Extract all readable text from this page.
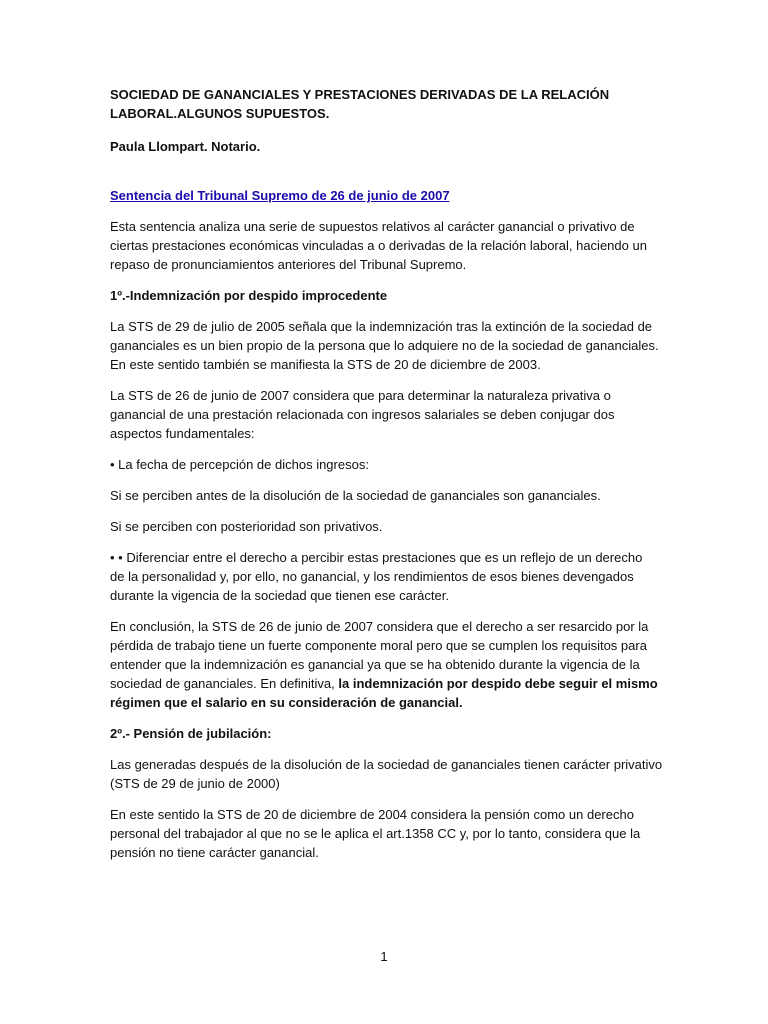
SOCIEDAD DE GANANCIALES Y PRESTACIONES DERIVADAS DE LA RELACIÓN

LABORAL.ALGUNOS SUPUESTOS.

Paula Llompart. Notario.

Sentencia del Tribunal Supremo de 26 de junio de 2007

Esta sentencia analiza una serie de supuestos relativos al carácter ganancial o privativo de

ciertas prestaciones económicas vinculadas a o derivadas de la relación laboral, haciendo un

repaso de pronunciamientos anteriores del Tribunal Supremo.

1º.-Indemnización por despido improcedente

La STS de 29 de julio de 2005 señala que la indemnización tras la extinción de la sociedad de

gananciales es un bien propio de la persona que lo adquiere no de la sociedad de gananciales.

En este sentido también se manifiesta la STS de 20 de diciembre de 2003.

La STS de 26 de junio de 2007 considera que para determinar la naturaleza privativa o

ganancial de una prestación relacionada con ingresos salariales se deben conjugar dos

aspectos fundamentales:

• La fecha de percepción de dichos ingresos:

Si se perciben antes de la disolución de la sociedad de gananciales son gananciales.

Si se perciben con posterioridad son privativos.

• • Diferenciar entre el derecho a percibir estas prestaciones que es un reflejo de un derecho

de la personalidad y, por ello, no ganancial, y los rendimientos de esos bienes devengados

durante la vigencia de la sociedad que tienen ese carácter.

En conclusión, la STS de 26 de junio de 2007 considera que el derecho a ser resarcido por la

pérdida de trabajo tiene un fuerte componente moral pero que se cumplen los requisitos para

entender que la indemnización es ganancial ya que se ha obtenido durante la vigencia de la

sociedad de gananciales. En definitiva, la indemnización por despido debe seguir el mismo

régimen que el salario en su consideración de ganancial.

2º.- Pensión de jubilación:

Las generadas después de la disolución de la sociedad de gananciales tienen carácter privativo

(STS de 29 de junio de 2000)

En este sentido la STS de 20 de diciembre de 2004 considera la pensión como un derecho

personal del trabajador al que no se le aplica el art.1358 CC y, por lo tanto, considera que la

pensión no tiene carácter ganancial.

1
